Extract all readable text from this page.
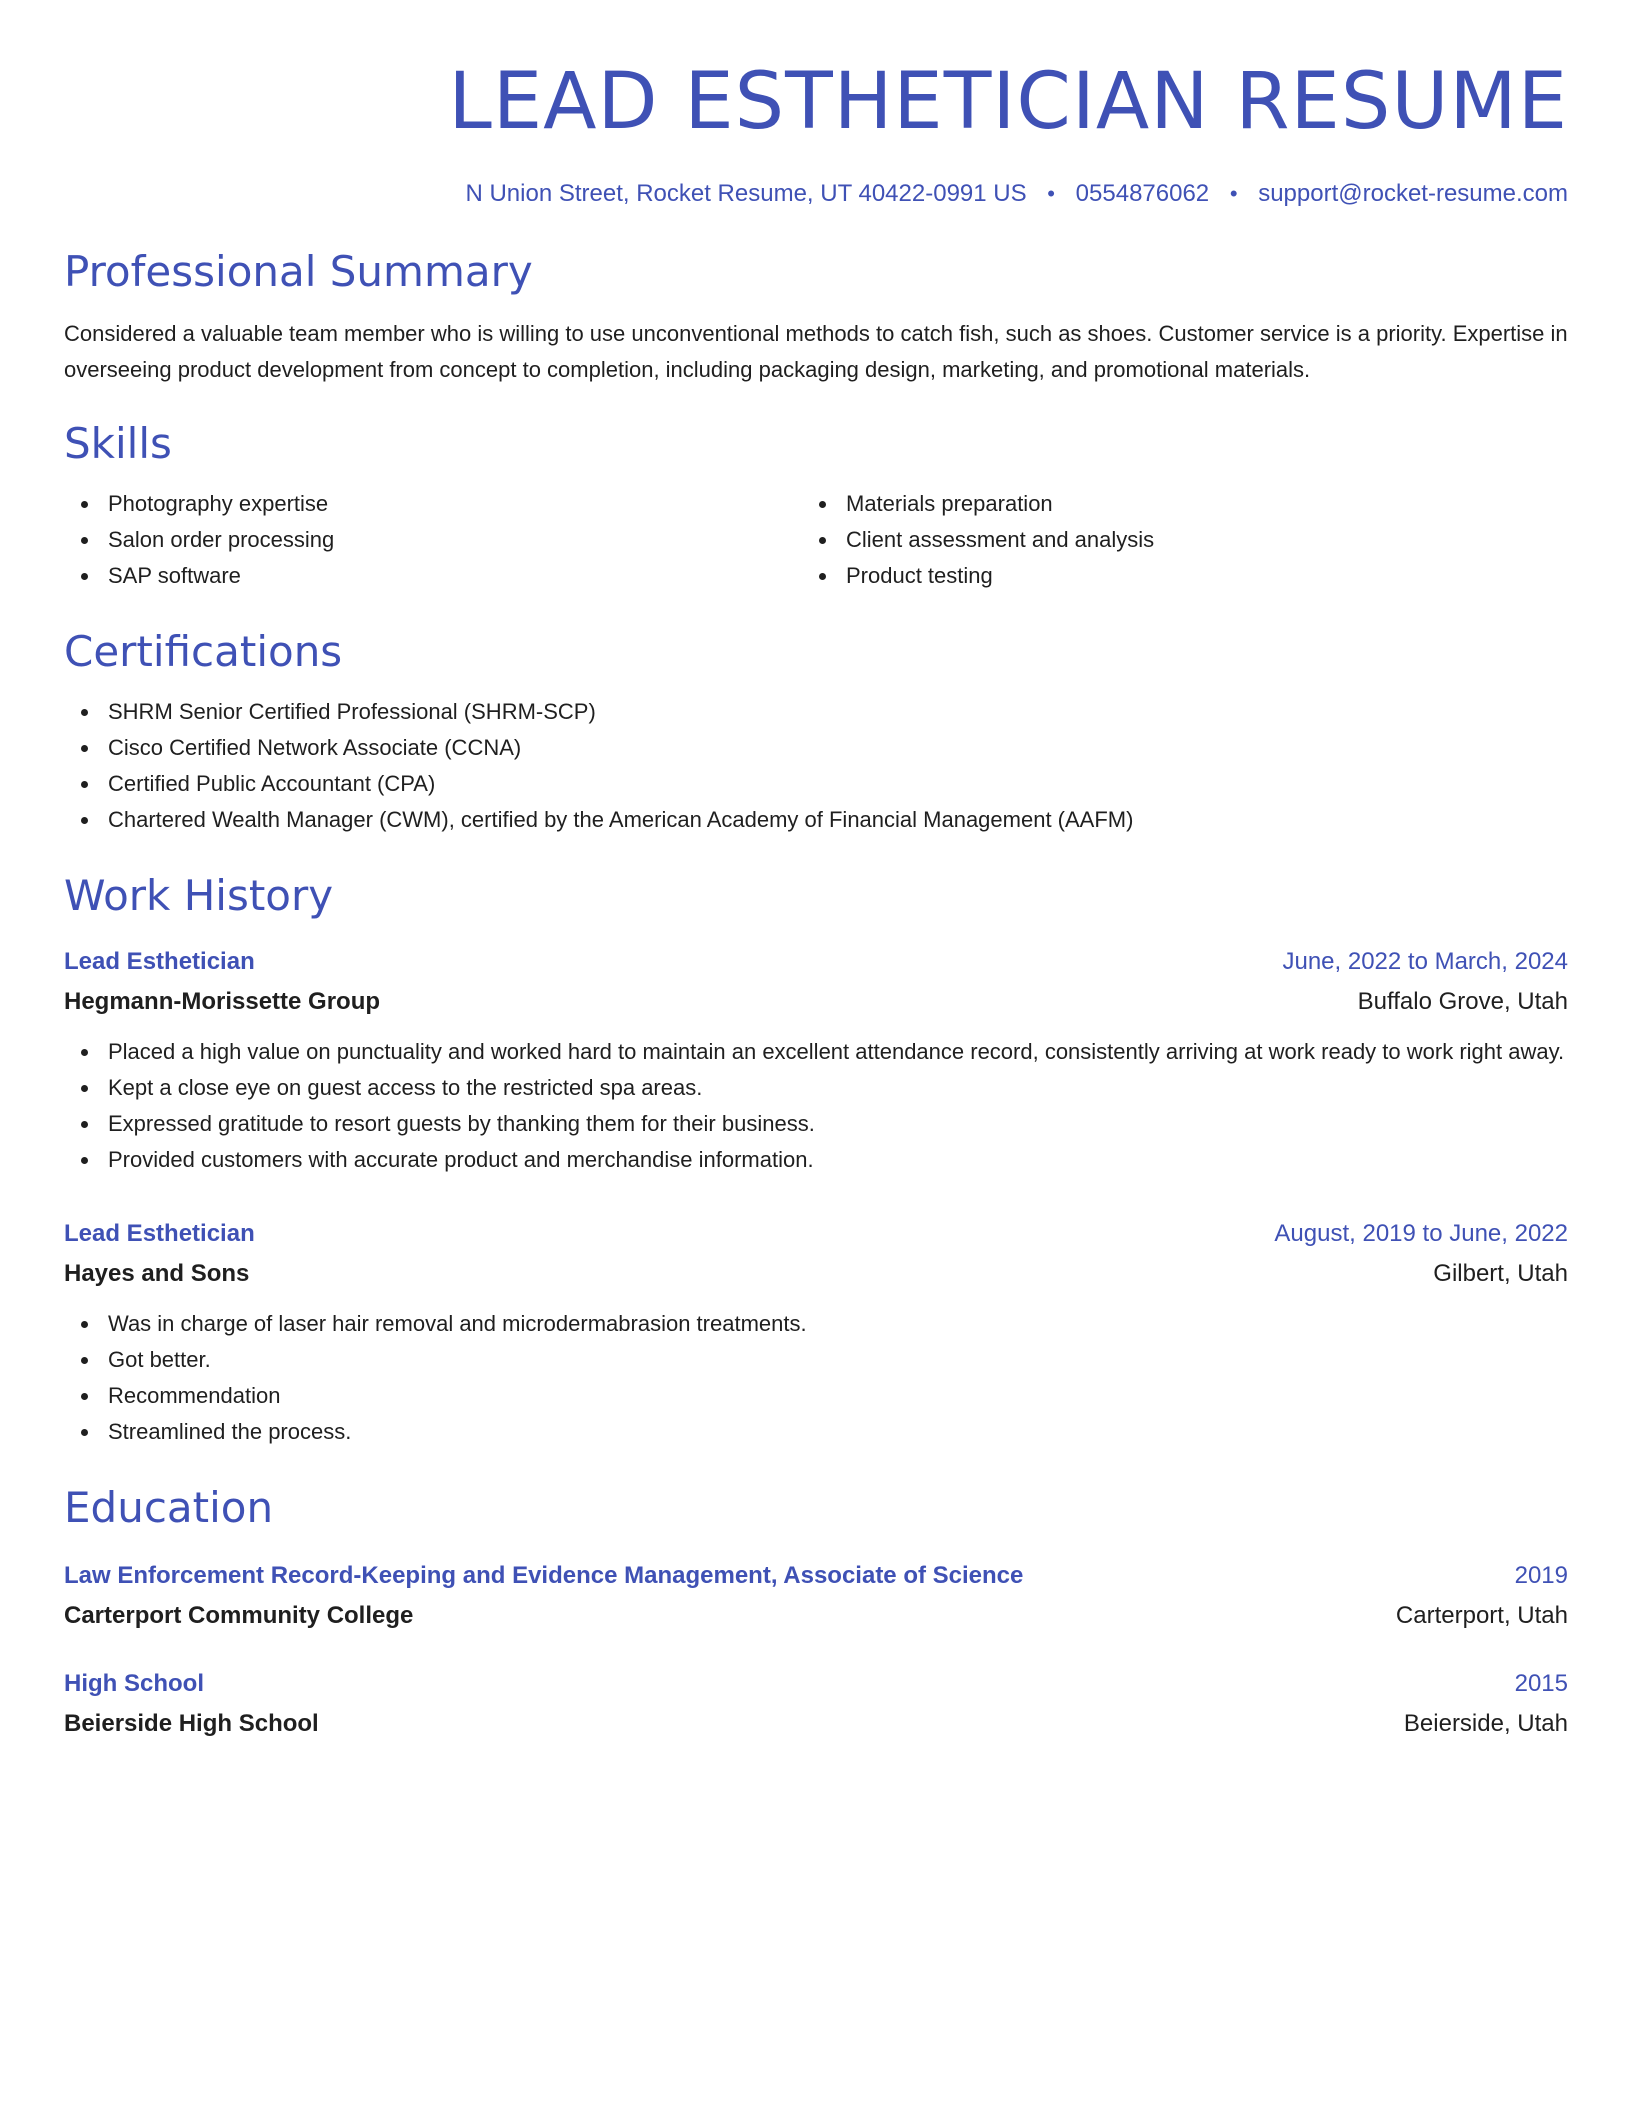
LEAD ESTHETICIAN RESUME
N Union Street, Rocket Resume, UT 40422-0991 US • 0554876062 • support@rocket-resume.com
Professional Summary

Considered a valuable team member who is willing to use unconventional methods to catch fish, such as shoes. Customer service is a priority. Expertise in overseeing product development from concept to completion, including packaging design, marketing, and promotional materials.

Skills
Photography expertise
Salon order processing
SAP software
Materials preparation
Client assessment and analysis
Product testing
Certifications
SHRM Senior Certified Professional (SHRM-SCP)
Cisco Certified Network Associate (CCNA)
Certified Public Accountant (CPA)
Chartered Wealth Manager (CWM), certified by the American Academy of Financial Management (AAFM)
Work History
Lead Esthetician	June, 2022 to March, 2024
Hegmann-Morissette Group	Buffalo Grove, Utah
Placed a high value on punctuality and worked hard to maintain an excellent attendance record, consistently arriving at work ready to work right away.
Kept a close eye on guest access to the restricted spa areas.
Expressed gratitude to resort guests by thanking them for their business.
Provided customers with accurate product and merchandise information.
Lead Esthetician	August, 2019 to June, 2022
Hayes and Sons	Gilbert, Utah
Was in charge of laser hair removal and microdermabrasion treatments.
Got better.
Recommendation
Streamlined the process.
Education
Law Enforcement Record-Keeping and Evidence Management, Associate of Science	2019
Carterport Community College	Carterport, Utah
High School	2015
Beierside High School	Beierside, Utah
